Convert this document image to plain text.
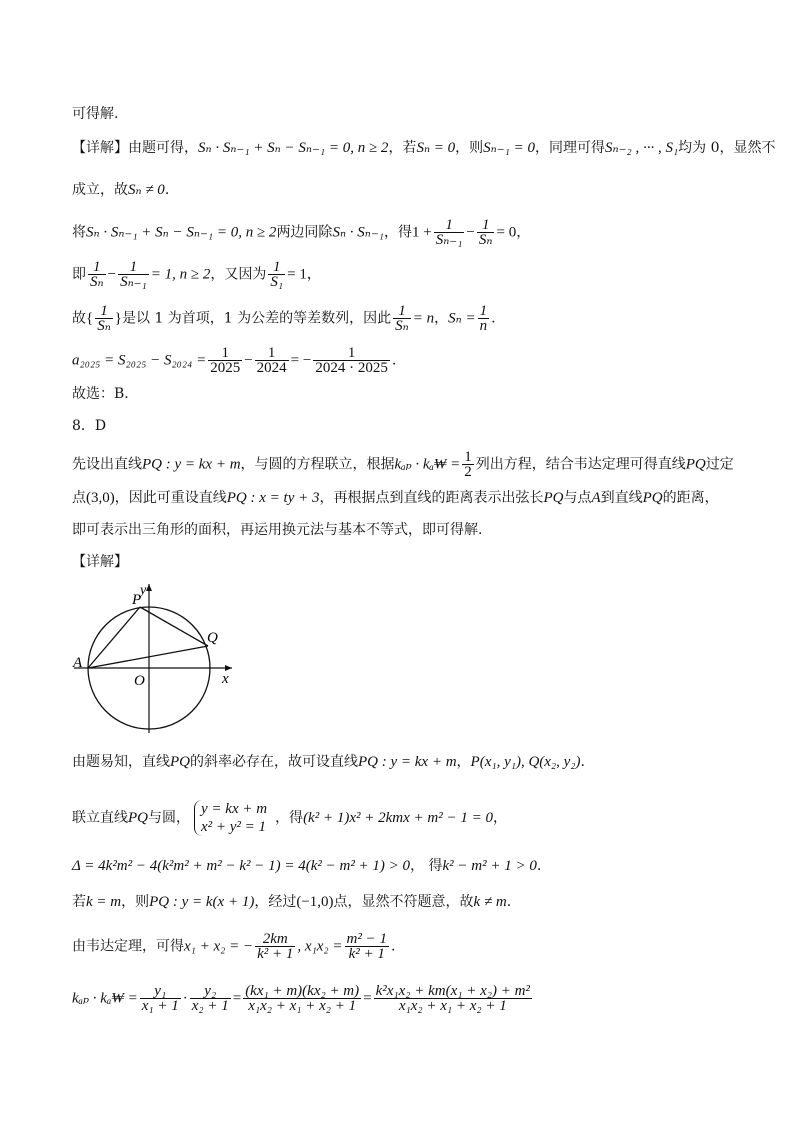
可得解.
【详解】由题可得，Sₙ · Sₙ₋₁ + Sₙ − Sₙ₋₁ = 0, n ≥ 2，若Sₙ = 0，则Sₙ₋₁ = 0，同理可得Sₙ₋₂ , ··· , S₁均为 0，显然不
成立，故Sₙ ≠ 0.
将Sₙ · Sₙ₋₁ + Sₙ − Sₙ₋₁ = 0, n ≥ 2两边同除Sₙ · Sₙ₋₁，得$1 + \frac{1}{\text{Sₙ₋₁}} - \frac{1}{\text{Sₙ}} = 0$，
即 $\frac{1}{\text{Sₙ}} - \frac{1}{\text{Sₙ₋₁}} = 1$, n ≥ 2，又因为 $\frac{1}{\text{S₁}} = 1$，
故{ $\frac{1}{\text{Sₙ}}$ }是以 1 为首项，1 为公差的等差数列，因此 $\frac{1}{\text{Sₙ}} = n$，$S_n = \frac{1}{n}$ .
$a_{2025} = S_{2025} - S_{2024} = \frac{1}{2025} - \frac{1}{2024}$ = − $\frac{1}{2024 \cdot 2025}$ .
故选：B.
8．D
先设出直线PQ : y = kx + m，与圆的方程联立，根据kₐₚ · kₐ₩ = $\frac{1}{2}$ 列出方程，结合韦达定理可得直线PQ过定
点(3,0)，因此可重设直线PQ : x = ty + 3，再根据点到直线的距离表示出弦长PQ与点A到直线PQ的距离，
即可表示出三角形的面积，再运用换元法与基本不等式，即可得解.
【详解】
y
P
Q
A
O	x
由题易知，直线PQ的斜率必存在，故可设直线PQ : y = kx + m，P(x₁, y₁), Q(x₂, y₂).
联立直线PQ与圆，
y = kx + m
x² + y² = 1
，得(k² + 1)x² + 2kmx + m² − 1 = 0，
Δ = 4k²m² − 4(k²m² + m² − k² − 1) = 4(k² − m² + 1) > 0， 得k² − m² + 1 > 0.
若k = m，则PQ : y = k(x + 1)，经过(−1,0)点，显然不符题意，故k ≠ m.
由韦达定理，可得x₁ + x₂ = − $\frac{2km}{\text{k² + 1}}$ , $x_1x_2 = \frac{\text{m² − 1}}{\text{k² + 1}}$ .
kₐₚ · kₐ₩ = $\frac{\text{y₁}}{\text{x₁ + 1}} \cdot \frac{\text{y₂}}{\text{x₂ + 1}} = \frac{\text{(kx₁ + m)(kx₂ + m)}}{\text{x₁x₂ + x₁ + x₂ + 1}} = \frac{\text{k²x₁x₂ + km(x₁ + x₂) + m²}}{\text{x₁x₂ + x₁ + x₂ + 1}}$
